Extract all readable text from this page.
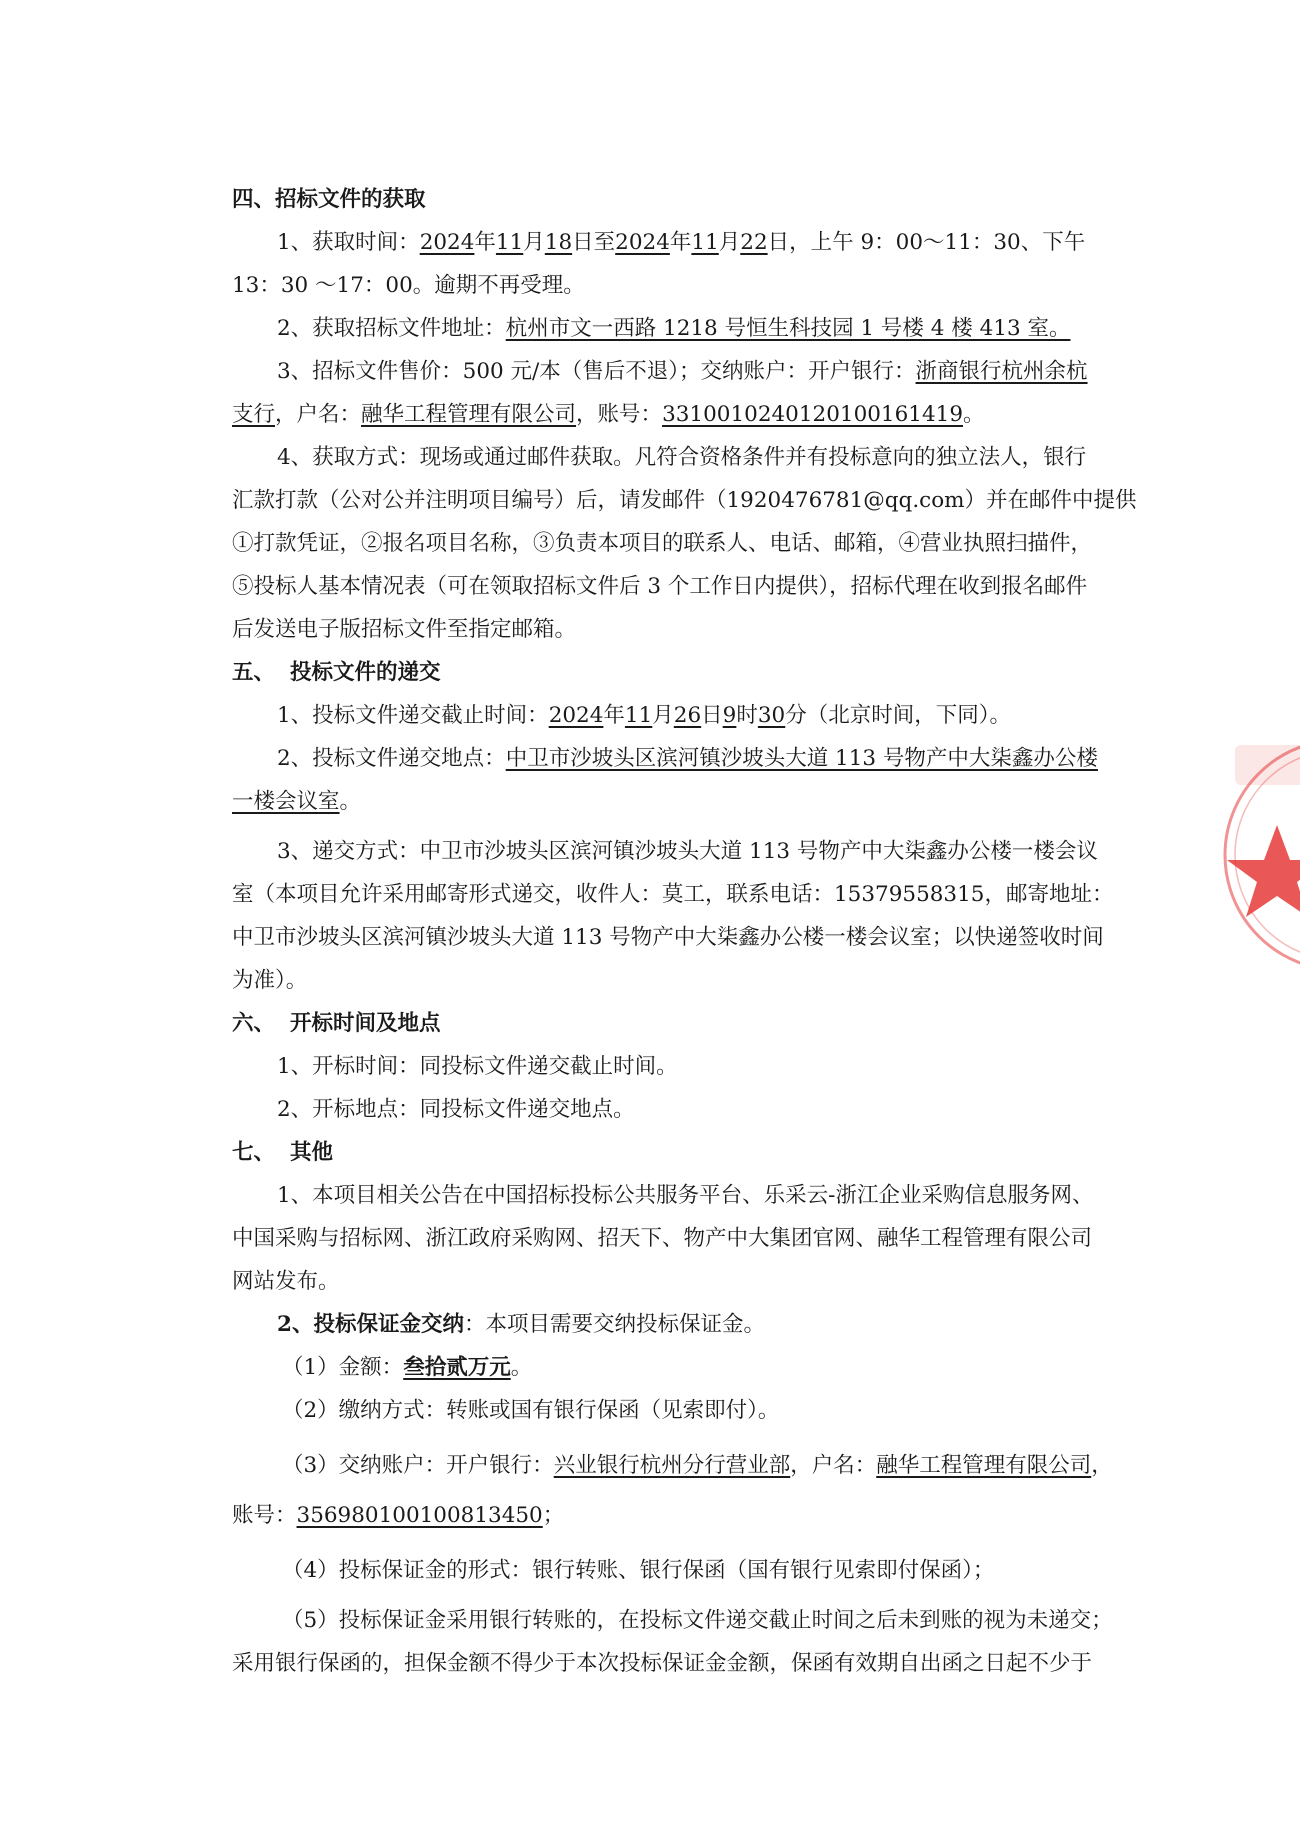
四、招标文件的获取
1、获取时间：2024年11月18日至2024年11月22日，上午 9：00～11：30、下午
13：30 ～17：00。逾期不再受理。
2、获取招标文件地址：杭州市文一西路 1218 号恒生科技园 1 号楼 4 楼 413 室。
3、招标文件售价：500 元/本（售后不退）；交纳账户：开户银行：浙商银行杭州余杭
支行，户名：融华工程管理有限公司，账号：3310010240120100161419。
4、获取方式：现场或通过邮件获取。凡符合资格条件并有投标意向的独立法人，银行
汇款打款（公对公并注明项目编号）后，请发邮件（1920476781@qq.com）并在邮件中提供
①打款凭证，②报名项目名称，③负责本项目的联系人、电话、邮箱，④营业执照扫描件，
⑤投标人基本情况表（可在领取招标文件后 3 个工作日内提供），招标代理在收到报名邮件
后发送电子版招标文件至指定邮箱。
五、  投标文件的递交
1、投标文件递交截止时间：2024年11月26日9时30分（北京时间，下同）。
2、投标文件递交地点：中卫市沙坡头区滨河镇沙坡头大道 113 号物产中大柒鑫办公楼
一楼会议室。
3、递交方式：中卫市沙坡头区滨河镇沙坡头大道 113 号物产中大柒鑫办公楼一楼会议
室（本项目允许采用邮寄形式递交，收件人：莫工，联系电话：15379558315，邮寄地址：
中卫市沙坡头区滨河镇沙坡头大道 113 号物产中大柒鑫办公楼一楼会议室；以快递签收时间
为准）。
六、  开标时间及地点
1、开标时间：同投标文件递交截止时间。
2、开标地点：同投标文件递交地点。
七、  其他
1、本项目相关公告在中国招标投标公共服务平台、乐采云-浙江企业采购信息服务网、
中国采购与招标网、浙江政府采购网、招天下、物产中大集团官网、融华工程管理有限公司
网站发布。
2、投标保证金交纳：本项目需要交纳投标保证金。
（1）金额：叁拾贰万元。
（2）缴纳方式：转账或国有银行保函（见索即付）。
（3）交纳账户：开户银行：兴业银行杭州分行营业部，户名：融华工程管理有限公司，
账号：356980100100813450；
（4）投标保证金的形式：银行转账、银行保函（国有银行见索即付保函）；
（5）投标保证金采用银行转账的，在投标文件递交截止时间之后未到账的视为未递交；
采用银行保函的，担保金额不得少于本次投标保证金金额，保函有效期自出函之日起不少于
